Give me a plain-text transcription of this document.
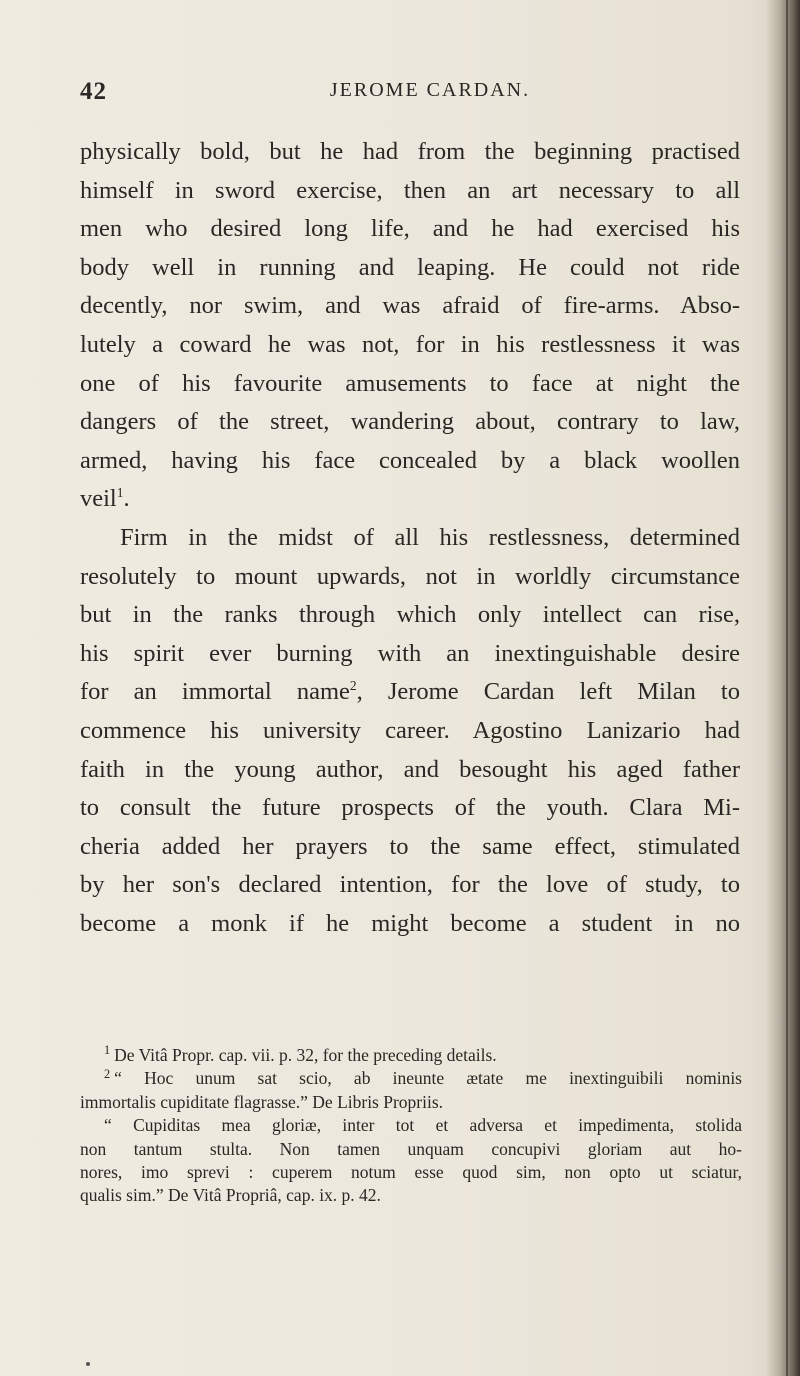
42	JEROME CARDAN.

physically bold, but he had from the beginning practised
himself in sword exercise, then an art necessary to all
men who desired long life, and he had exercised his
body well in running and leaping. He could not ride
decently, nor swim, and was afraid of fire-arms. Abso-
lutely a coward he was not, for in his restlessness it was
one of his favourite amusements to face at night the
dangers of the street, wandering about, contrary to law,
armed, having his face concealed by a black woollen
veil$^1$.

Firm in the midst of all his restlessness, determined
resolutely to mount upwards, not in worldly circumstance
but in the ranks through which only intellect can rise,
his spirit ever burning with an inextinguishable desire
for an immortal name$^2$, Jerome Cardan left Milan to
commence his university career. Agostino Lanizario had
faith in the young author, and besought his aged father
to consult the future prospects of the youth. Clara Mi-
cheria added her prayers to the same effect, stimulated
by her son's declared intention, for the love of study, to
become a monk if he might become a student in no

$^1$ De Vitâ Propr. cap. vii. p. 32, for the preceding details.

$^2$ “ Hoc unum sat scio, ab ineunte ætate me inextinguibili nominis
immortalis cupiditate flagrasse.” De Libris Propriis.
“ Cupiditas mea gloriæ, inter tot et adversa et impedimenta, stolida
non tantum stulta. Non tamen unquam concupivi gloriam aut ho-
nores, imo sprevi : cuperem notum esse quod sim, non opto ut sciatur,
qualis sim.” De Vitâ Propriâ, cap. ix. p. 42.
